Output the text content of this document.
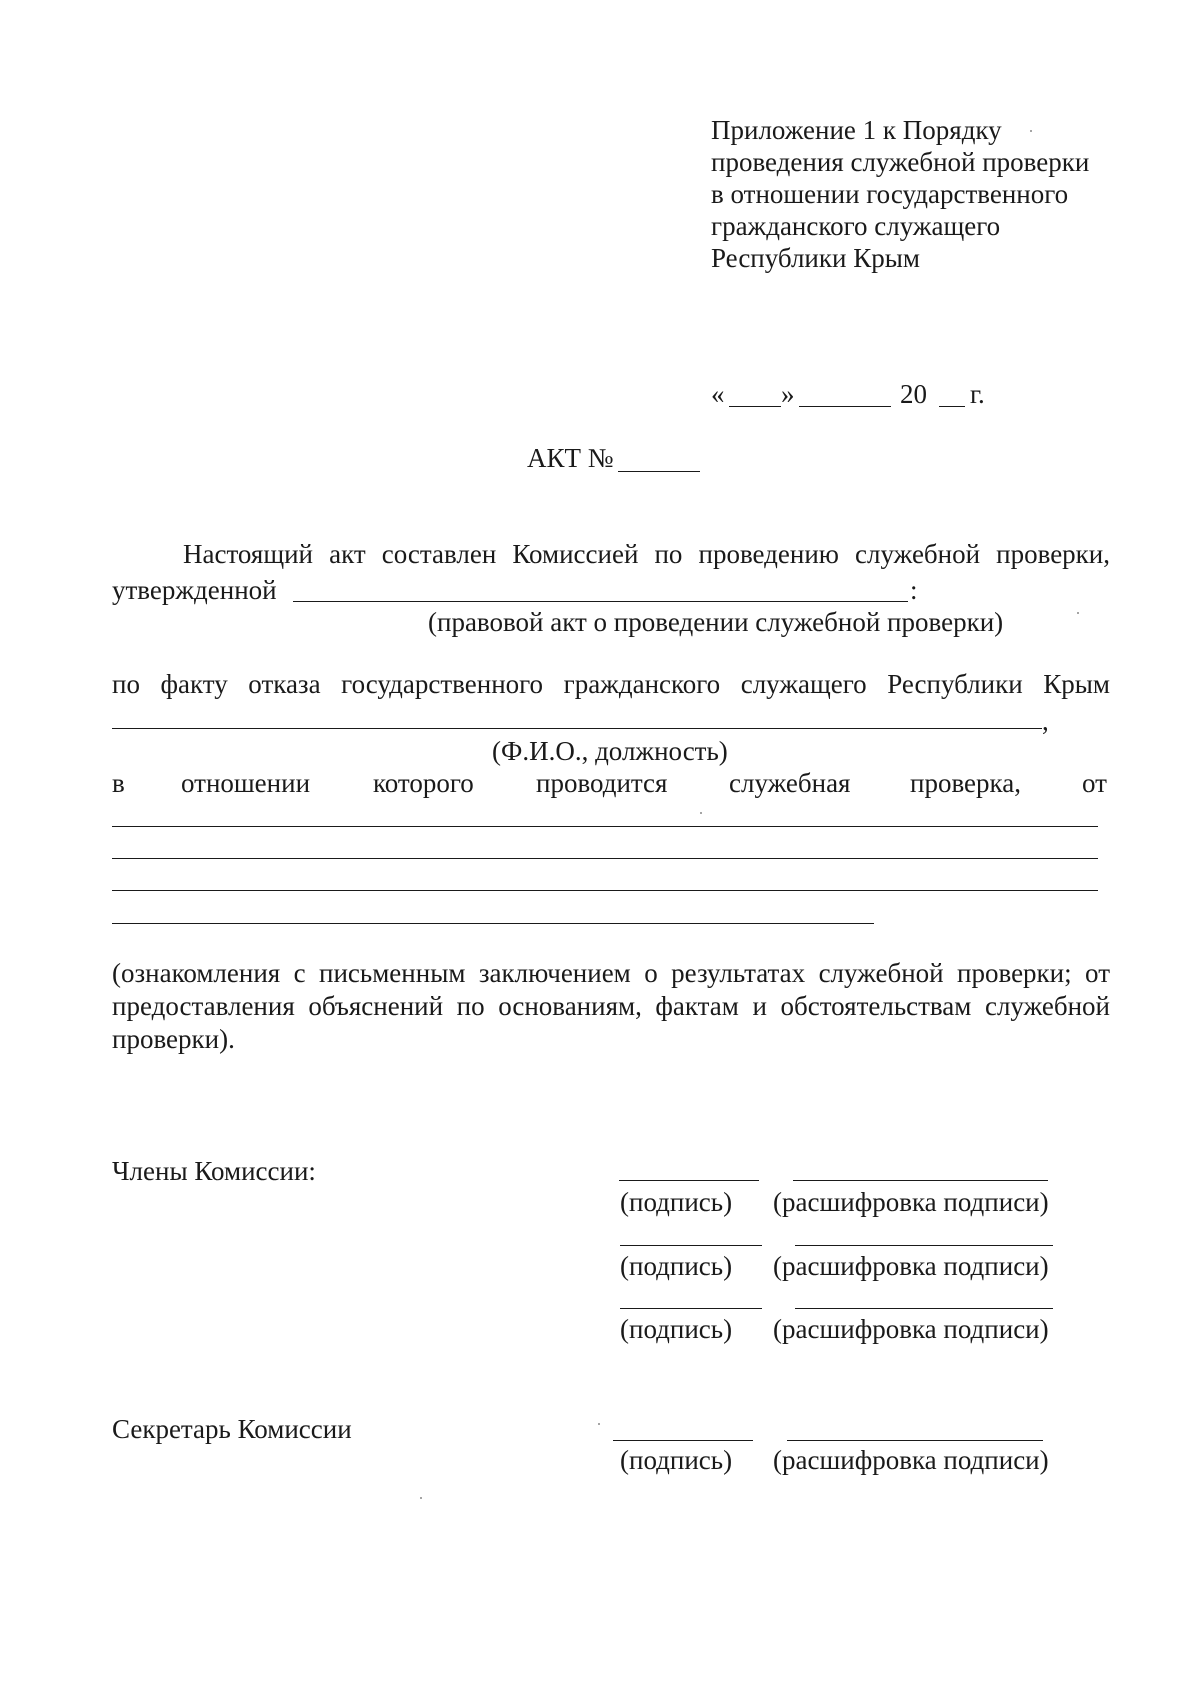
Приложение 1 к Порядку
проведения служебной проверки
в отношении государственного
гражданского служащего
Республики Крым
« »	20 г.
АКТ №
Настоящий акт составлен Комиссией по проведению служебной проверки,
утвержденной	:
(правовой акт о проведении служебной проверки)
по факту отказа государственного гражданского служащего Республики Крым
,
(Ф.И.О., должность)
в отношении которого проводится служебная проверка, от
(ознакомления с письменным заключением о результатах служебной проверки; от предоставления объяснений по основаниям, фактам и обстоятельствам служебной проверки).
Члены Комиссии:
(подпись) (расшифровка подписи)
(подпись) (расшифровка подписи)
(подпись) (расшифровка подписи)
Секретарь Комиссии
(подпись) (расшифровка подписи)
